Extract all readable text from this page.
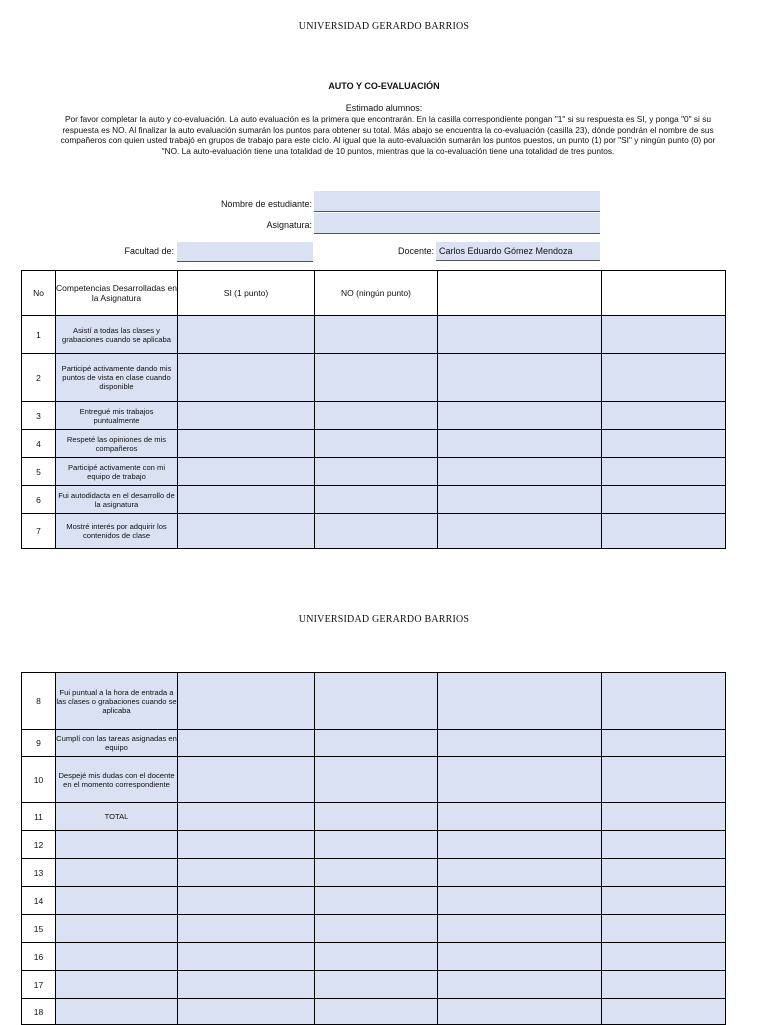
UNIVERSIDAD GERARDO BARRIOS
AUTO Y CO-EVALUACIÓN
Estimado alumnos:
Por favor completar la auto y co-evaluación. La auto evaluación es la primera que encontrarán. En la casilla correspondiente pongan "1" si su respuesta es SI, y ponga "0" si su respuesta es NO. Al finalizar la auto evaluación sumarán los puntos para obtener su total. Más abajo se encuentra la co-evaluación (casilla 23), dónde pondrán el nombre de sus compañeros con quien usted trabajó en grupos de trabajo para este ciclo. Al igual que la auto-evaluación sumarán los puntos puestos, un punto (1) por "SI" y ningún punto (0) por "NO. La auto-evaluación tiene una totalidad de 10 puntos, mientras que la co-evaluación tiene una totalidad de tres puntos.
Nombre de estudiante:
Asignatura:
Facultad de:	Docente: Carlos Eduardo Gómez Mendoza
No	Competencias Desarrolladas en la Asignatura	SI (1 punto)	NO (ningún punto)		
1	Asistí a todas las clases y grabaciones cuando se aplicaba				
2	Participé activamente dando mis puntos de vista en clase cuando disponible				
3	Entregué mis trabajos puntualmente				
4	Respeté las opiniones de mis compañeros				
5	Participé activamente con mi equipo de trabajo				
6	Fui autodidacta en el desarrollo de la asignatura				
7	Mostré interés por adquirir los contenidos de clase				
UNIVERSIDAD GERARDO BARRIOS
8	Fui puntual a la hora de entrada a las clases o grabaciones cuando se aplicaba				
9	Cumplí con las tareas asignadas en equipo				
10	Despejé mis dudas con el docente en el momento correspondiente				
11	TOTAL				
12					
13					
14					
15					
16					
17					
18					
